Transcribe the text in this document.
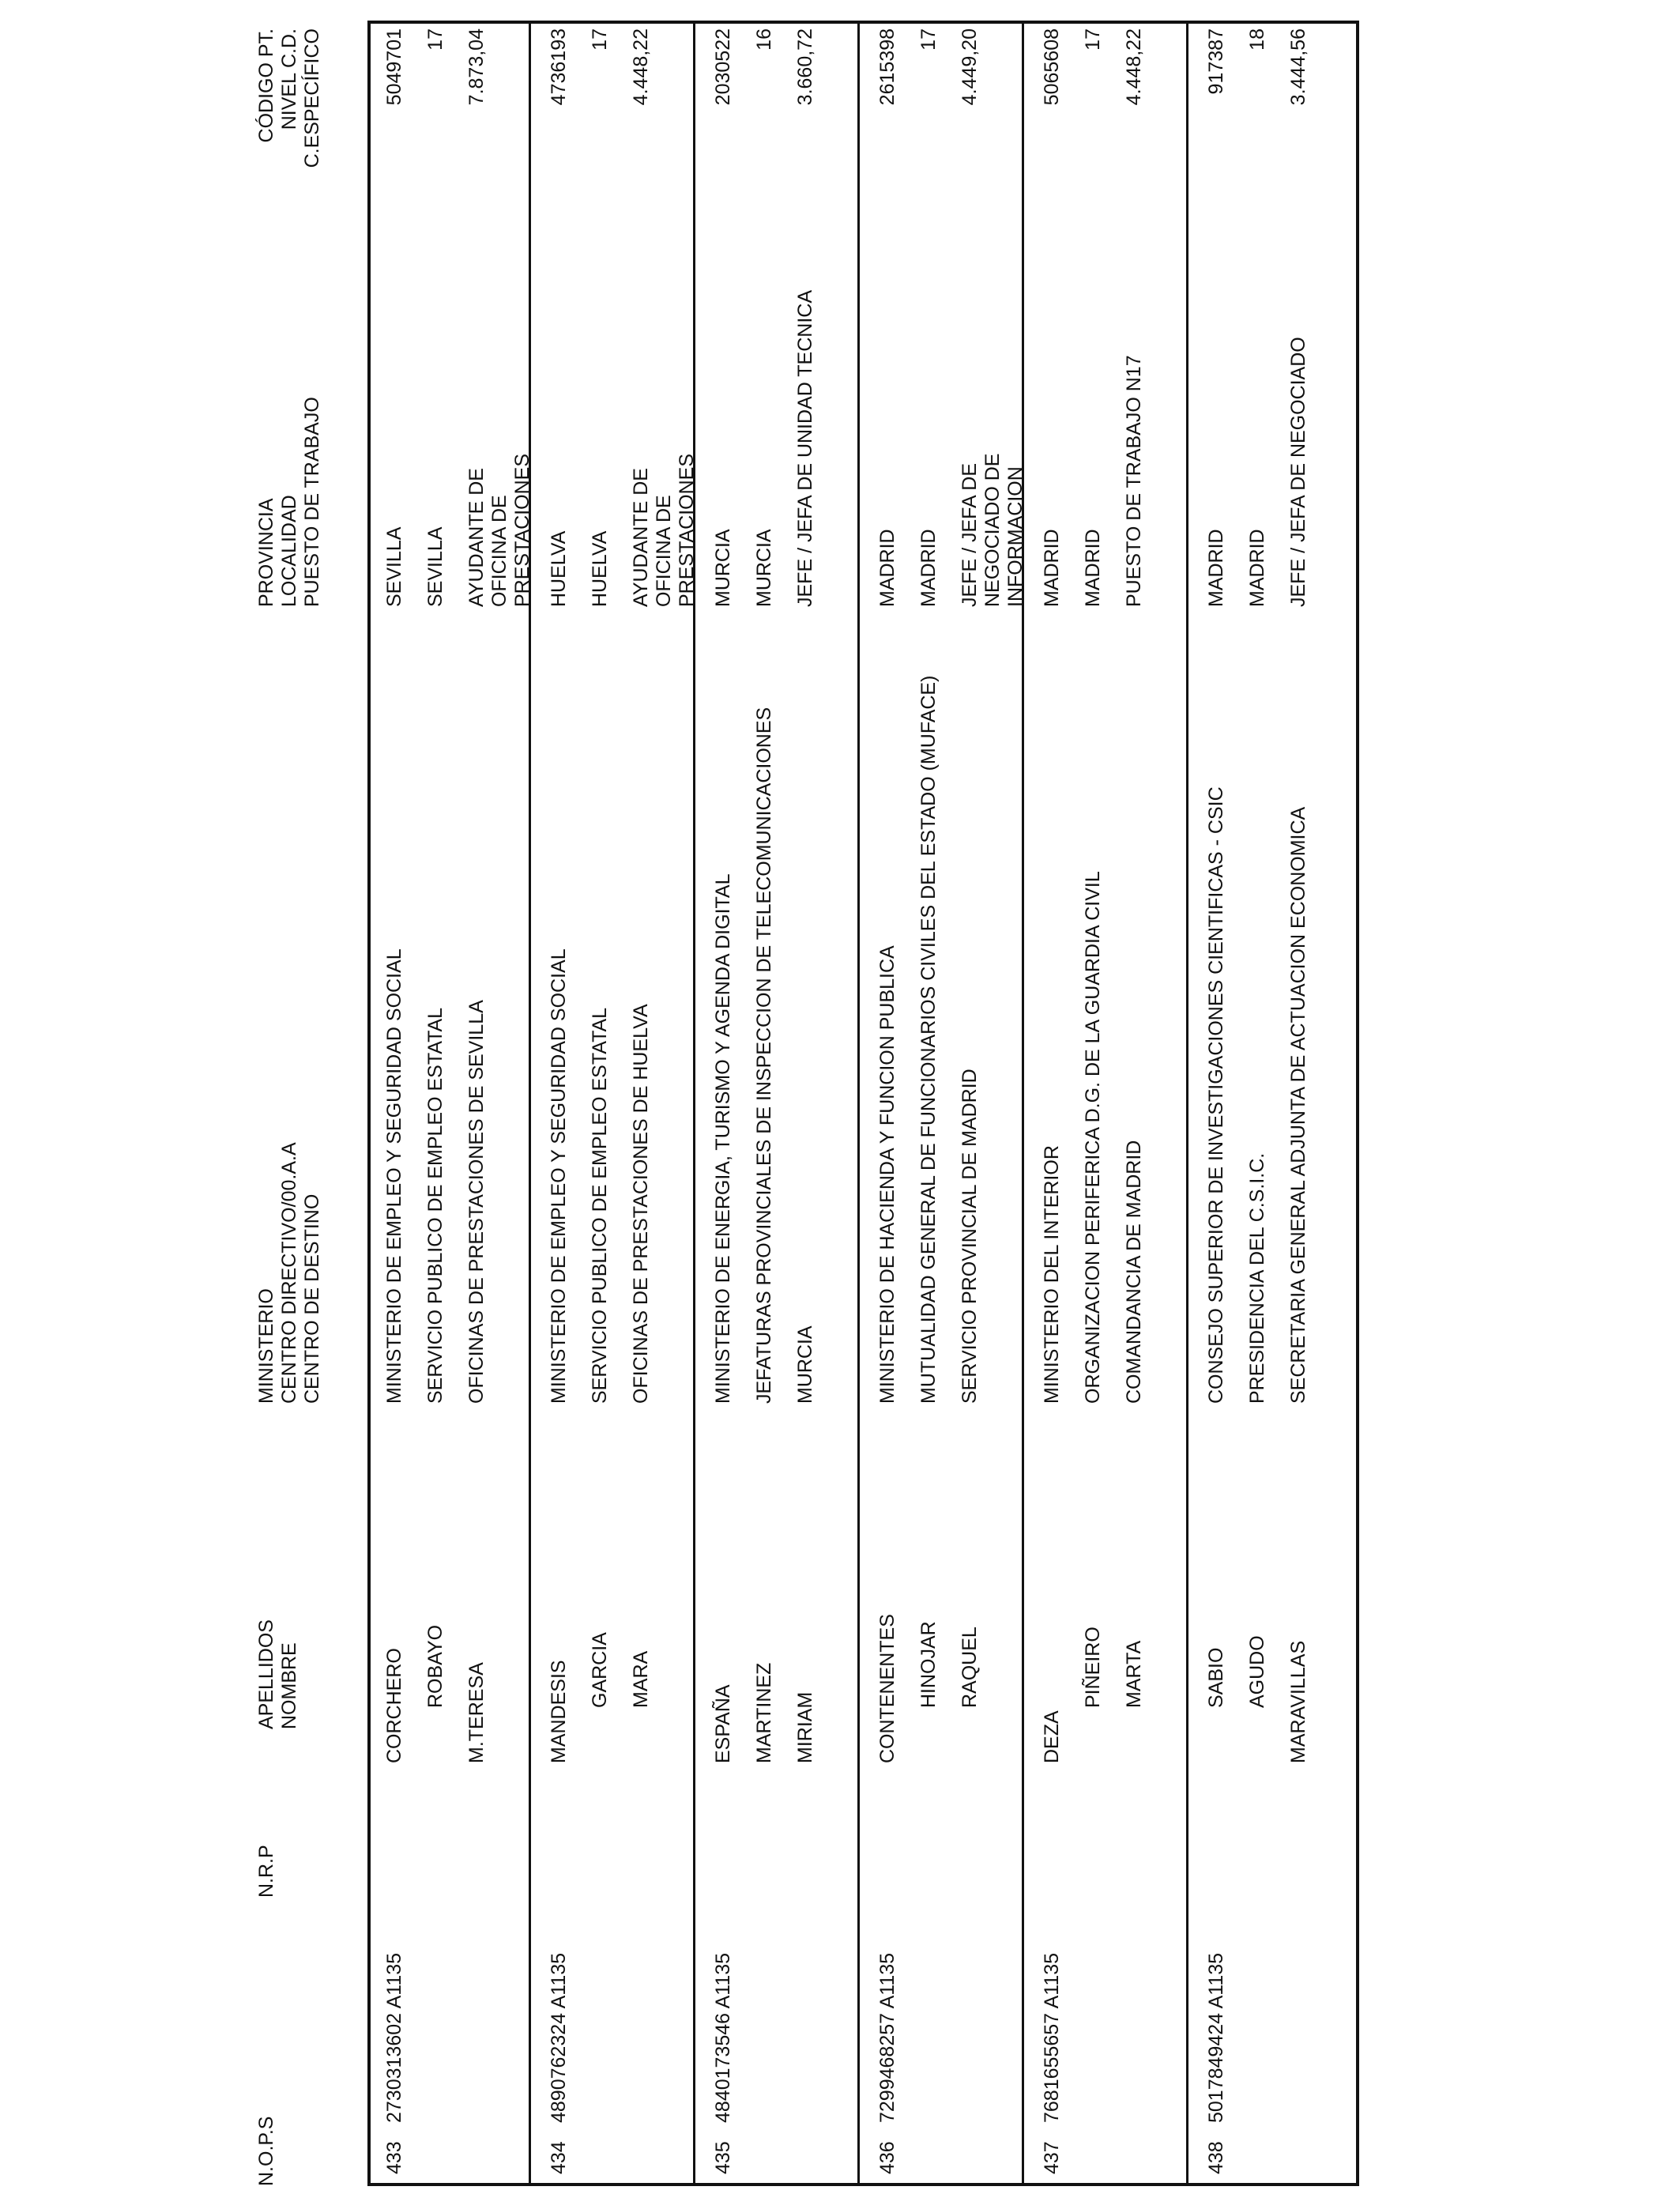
N.O.P.S
N.R.P
APELLIDOS NOMBRE
MINISTERIO CENTRO DIRECTIVO/00.A.A CENTRO DE DESTINO
PROVINCIA LOCALIDAD PUESTO DE TRABAJO
CÓDIGO PT. NIVEL C.D. C.ESPECÍFICO
433
2730313602 A1135
CORCHERO ROBAYO M.TERESA
MINISTERIO DE EMPLEO Y SEGURIDAD SOCIAL SERVICIO PUBLICO DE EMPLEO ESTATAL OFICINAS DE PRESTACIONES DE SEVILLA
SEVILLA SEVILLA AYUDANTE DE OFICINA DE PRESTACIONES
5049701 17 7.873,04
434
4890762324 A1135
MANDESIS GARCIA MARA
MINISTERIO DE EMPLEO Y SEGURIDAD SOCIAL SERVICIO PUBLICO DE EMPLEO ESTATAL OFICINAS DE PRESTACIONES DE HUELVA
HUELVA HUELVA AYUDANTE DE OFICINA DE PRESTACIONES
4736193 17 4.448,22
435
4840173546 A1135
ESPAÑA MARTINEZ MIRIAM
MINISTERIO DE ENERGIA, TURISMO Y AGENDA DIGITAL JEFATURAS PROVINCIALES DE INSPECCION DE TELECOMUNICACIONES MURCIA
MURCIA MURCIA JEFE / JEFA DE UNIDAD TECNICA
2030522 16 3.660,72
436
7299468257 A1135
CONTENENTES HINOJAR RAQUEL
MINISTERIO DE HACIENDA Y FUNCION PUBLICA MUTUALIDAD GENERAL DE FUNCIONARIOS CIVILES DEL ESTADO (MUFACE) SERVICIO PROVINCIAL DE MADRID
MADRID MADRID JEFE / JEFA DE NEGOCIADO DE INFORMACION
2615398 17 4.449,20
437
7681655657 A1135
DEZA
PIÑEIRO MARTA
MINISTERIO DEL INTERIOR ORGANIZACION PERIFERICA D.G. DE LA GUARDIA CIVIL COMANDANCIA DE MADRID
MADRID MADRID PUESTO DE TRABAJO N17
5065608 17 4.448,22
438
5017849424 A1135
SABIO AGUDO MARAVILLAS
CONSEJO SUPERIOR DE INVESTIGACIONES CIENTIFICAS - CSIC PRESIDENCIA DEL C.S.I.C. SECRETARIA GENERAL ADJUNTA DE ACTUACION ECONOMICA
MADRID MADRID JEFE / JEFA DE NEGOCIADO
917387 18 3.444,56
